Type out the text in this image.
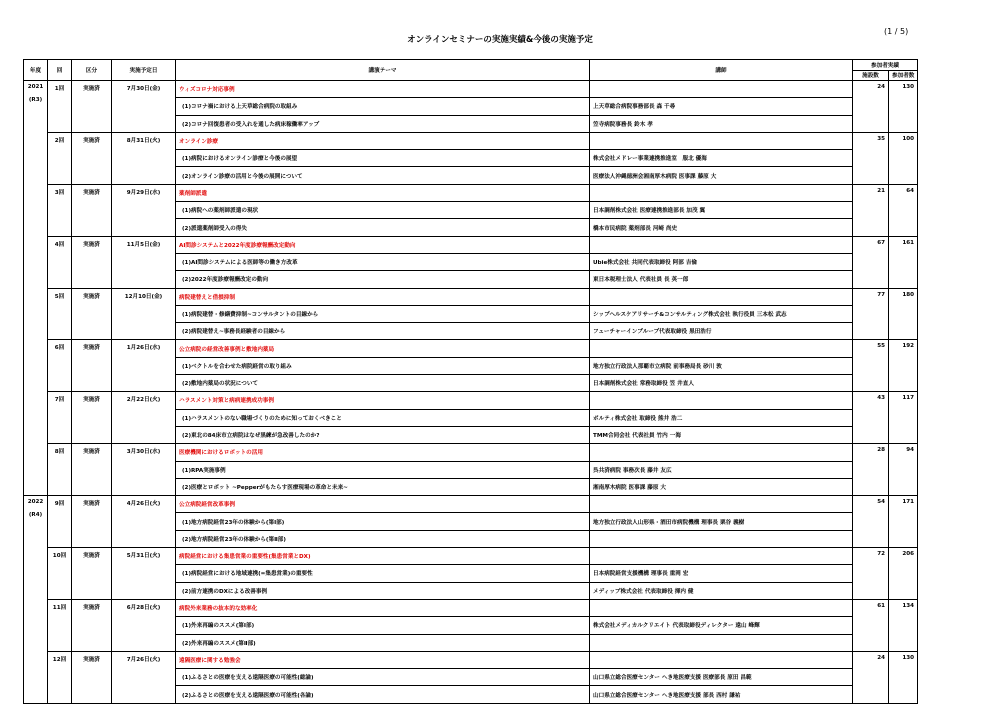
(1 / 5)
オンラインセミナーの実施実績&今後の実施予定
年度	回	区分	実施予定日	講演テーマ	講師	参加者実績	
						施設数	参加者数

2021
(R3)	1回	実施済	7月30日(金)	ウィズコロナ対応事例		24	130
				(1)コロナ禍における上天草総合病院の取組み	上天草総合病院事務部長 森 千尋		
				(2)コロナ回復患者の受入れを通した病床稼働率アップ	笠寺病院事務長 鈴木 孝		
	2回	実施済	8月31日(火)	オンライン診療		35	100
				(1)病院におけるオンライン診療と今後の展望	株式会社メドレー事業連携推進室　服北 優海		
				(2)オンライン診療の活用と今後の展開について	医療法人沖縄徳洲会湘南厚木病院 医事課 藤原 大		
	3回	実施済	9月29日(水)	薬剤師派遣		21	64
				(1)病院への薬剤師派遣の現状	日本調剤株式会社 医療連携推進部長 加茂 翼		
				(2)派遣薬剤師受入の得失	橋本市民病院 薬剤部長 河崎 尚史		
	4回	実施済	11月5日(金)	AI問診システムと2022年度診療報酬改定動向		67	161
				(1)AI問診システムによる医師等の働き方改革	Ubie株式会社 共同代表取締役 阿部 吉倫		
				(2)2022年度診療報酬改定の動向	東日本税理士法人 代表社員 長 英一郎		
	5回	実施済	12月10日(金)	病院建替えと借損抑制		77	180
				(1)病院建替・修繕費抑制~コンサルタントの目線から	シップヘルスケアリサーチ&コンサルティング株式会社 執行役員 三本松 武志		
				(2)病院建替え~事務長経験者の目線から	フューチャーインブループ代表取締役 黒田浩行		
	6回	実施済	1月26日(水)	公立病院の経営改善事例と敷地内薬局		55	192
				(1)ベクトルを合わせた病院経営の取り組み	地方独立行政法人那覇市立病院 前事務局長 砂川 敦		
				(2)敷地内薬局の状況について	日本調剤株式会社 常務取締役 笠 井直人		
	7回	実施済	2月22日(火)	ハラスメント対策と病病連携成功事例		43	117
				(1)ハラスメントのない職場づくりのために知っておくべきこと	ボルティ株式会社 取締役 熊井 浩二		
				(2)東北の84床市立病院はなぜ黒練が急改善したのか?	TMM合同会社 代表社員 竹内 一海		
	8回	実施済	3月30日(水)	医療機関におけるロボットの活用		28	94
				(1)RPA実施事例	呉共済病院 事務次長 藤井 友広		
				(2)医療とロボット ~Pepperがもたらす医療現場の革命と未来~	湘南厚木病院 医事課 藤原 大		

2022
(R4)	9回	実施済	4月26日(火)	公立病院経営改革事例		54	171
				(1)地方病院経営23年の体験から(第Ⅰ部)	地方独立行政法人山形県・酒田市病院機構 理事長 栗谷 義樹		
				(2)地方病院経営23年の体験から(第Ⅱ部)			
	10回	実施済	5月31日(火)	病院経営における集患営業の重要性(集患営業とDX)		72	206
				(1)病院経営における地域連携(=集患営業)の重要性	日本病院経営支援機構 理事長 重岡 宏		
				(2)前方連携のDXによる改善事例	メディップ株式会社 代表取締役 揮内 健		
	11回	実施済	6月28日(火)	病院外来業務の抜本的な効率化		61	134
				(1)外来再編のススメ(第Ⅰ部)	株式会社メディカルクリエイト 代表取締役ディレクター 遠山 峰輝		
				(2)外来再編のススメ(第Ⅱ部)			
	12回	実施済	7月26日(火)	遠隔医療に関する勉強会		24	130
				(1)ふるさとの医療を支える遠隔医療の可能性(総論)	山口県立総合医療センター へき地医療支援 医療部長 原田 昌範		
				(2)ふるさとの医療を支える遠隔医療の可能性(各論)	山口県立総合医療センター へき地医療支援 部長 西村 謙祐		
